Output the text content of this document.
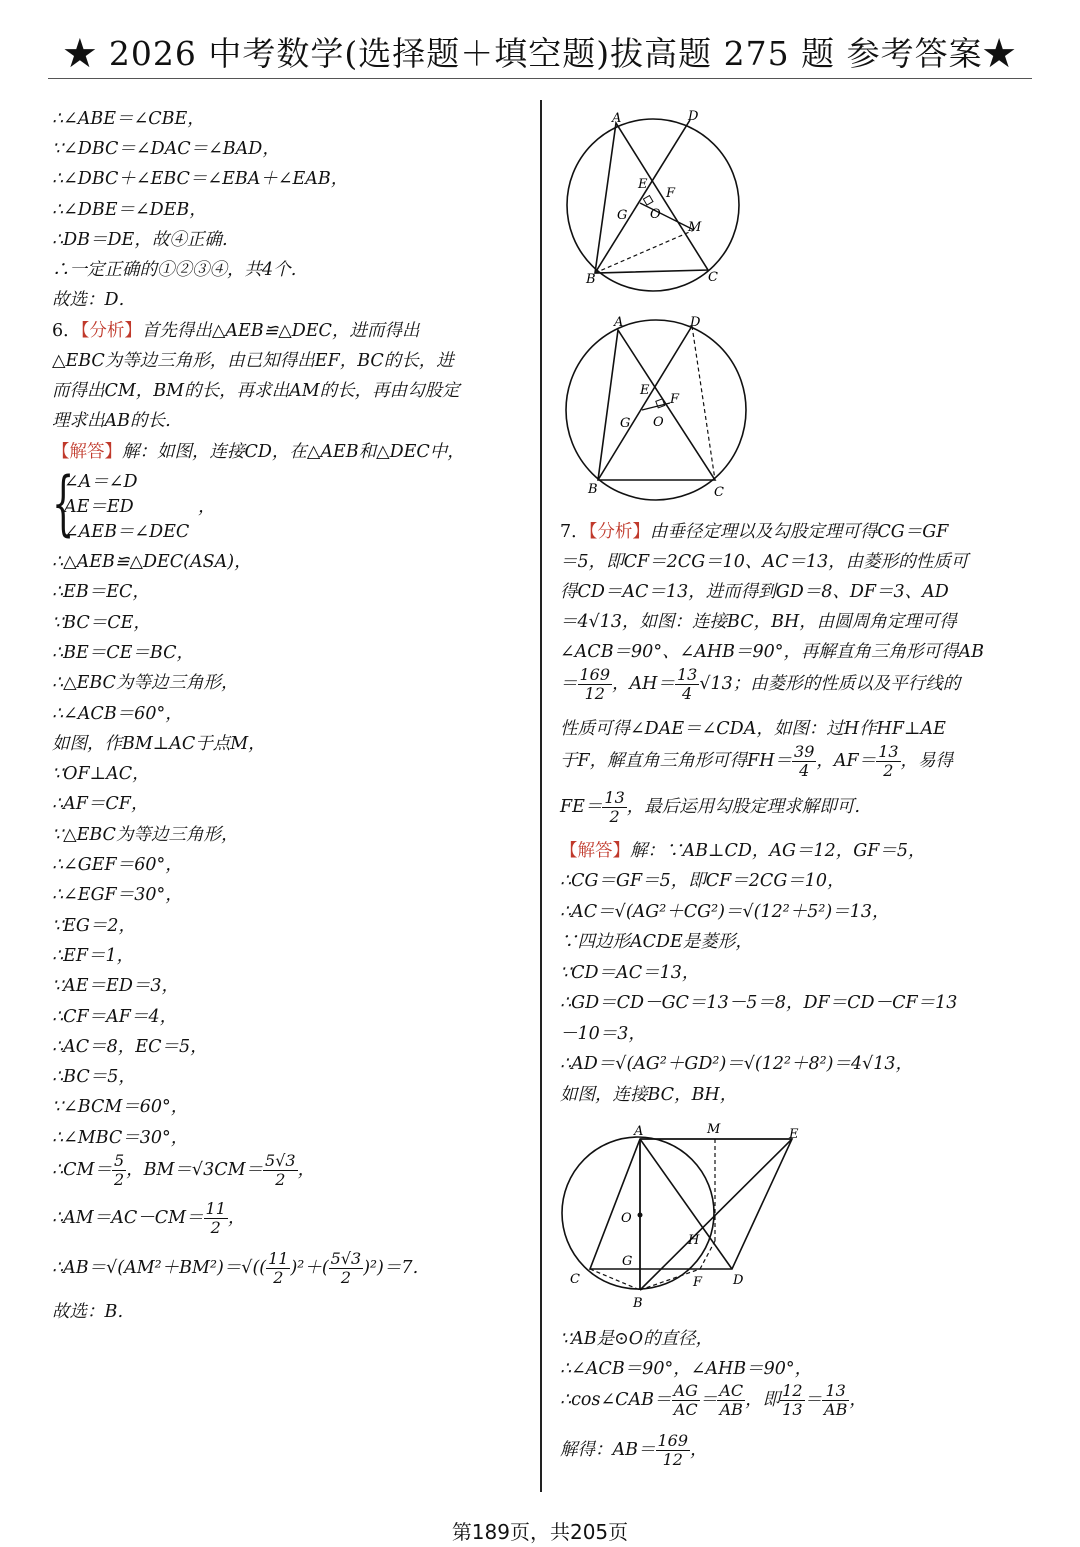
★ 2026 中考数学(选择题＋填空题)拔高题 275 题 参考答案★
∴∠ABE＝∠CBE，
∵∠DBC＝∠DAC＝∠BAD，
∴∠DBC＋∠EBC＝∠EBA＋∠EAB，
∴∠DBE＝∠DEB，
∴DB＝DE，故④正确．
∴一定正确的①②③④，共4个．
故选：D．
6．【分析】首先得出△AEB≌△DEC，进而得出
△EBC为等边三角形，由已知得出EF，BC的长，进
而得出CM，BM的长，再求出AM的长，再由勾股定
理求出AB的长．
【解答】解：如图，连接CD，在△AEB和△DEC中，
{
∠A＝∠D
AE＝ED
∠AEB＝∠DEC
，
∴△AEB≌△DEC(ASA)，
∴EB＝EC，
∵BC＝CE，
∴BE＝CE＝BC，
∴△EBC为等边三角形，
∴∠ACB＝60°，
如图，作BM⊥AC于点M，
∵OF⊥AC，
∴AF＝CF，
∵△EBC为等边三角形，
∴∠GEF＝60°，
∴∠EGF＝30°，
∵EG＝2，
∴EF＝1，
∵AE＝ED＝3，
∴CF＝AF＝4，
∴AC＝8，EC＝5，
∴BC＝5，
∵∠BCM＝60°，
∴∠MBC＝30°，
∴CM＝ $\frac{5}{2}$ ，$BM=√3CM= \frac{5√3}{2}$ ，
∴AM＝AC－CM＝ $\frac{11}{2}$ ，
∴AB＝√(AM²＋BM²)＝√(( $\frac{11}{2} )^2+( \frac{5√3}{2} )^2)=7$．
故选：B．
A	D
E
F
G O
M
B	C
A	D
E
F
G O
B	C
7．【分析】由垂径定理以及勾股定理可得CG＝GF
＝5，即CF＝2CG＝10、AC＝13，由菱形的性质可
得CD＝AC＝13，进而得到GD＝8、DF＝3、AD
＝4√13，如图：连接BC，BH，由圆周角定理可得
∠ACB＝90°、∠AHB＝90°，再解直角三角形可得AB
＝ $\frac{169}{12}$ ，$AH= \frac{13}{4} √13$；由菱形的性质以及平行线的
性质可得∠DAE＝∠CDA，如图：过H作HF⊥AE
于F，解直角三角形可得$FH= \frac{39}{4}$ ，$AF= \frac{13}{2}$ ，易得
$FE= \frac{13}{2}$ ，最后运用勾股定理求解即可．
【解答】解：∵AB⊥CD，AG＝12，GF＝5，
∴CG＝GF＝5，即CF＝2CG＝10，
∴AC＝√(AG²＋CG²)＝√(12²＋5²)＝13，
∵四边形ACDE是菱形，
∵CD＝AC＝13，
∴GD＝CD－GC＝13－5＝8，DF＝CD－CF＝13
－10＝3，
∴AD＝√(AG²＋GD²)＝√(12²＋8²)＝4√13，
如图，连接BC，BH，
A	M	E
O
H
G
C	F D
B
∵AB是⊙O的直径，
∴∠ACB＝90°，∠AHB＝90°，
∴cos∠CAB＝ $\frac{AG}{AC} = \frac{AC}{AB}$ ，即 $\frac{12}{13} = \frac{13}{AB}$ ，
解得：$AB= \frac{169}{12}$ ，
第189页，共205页
